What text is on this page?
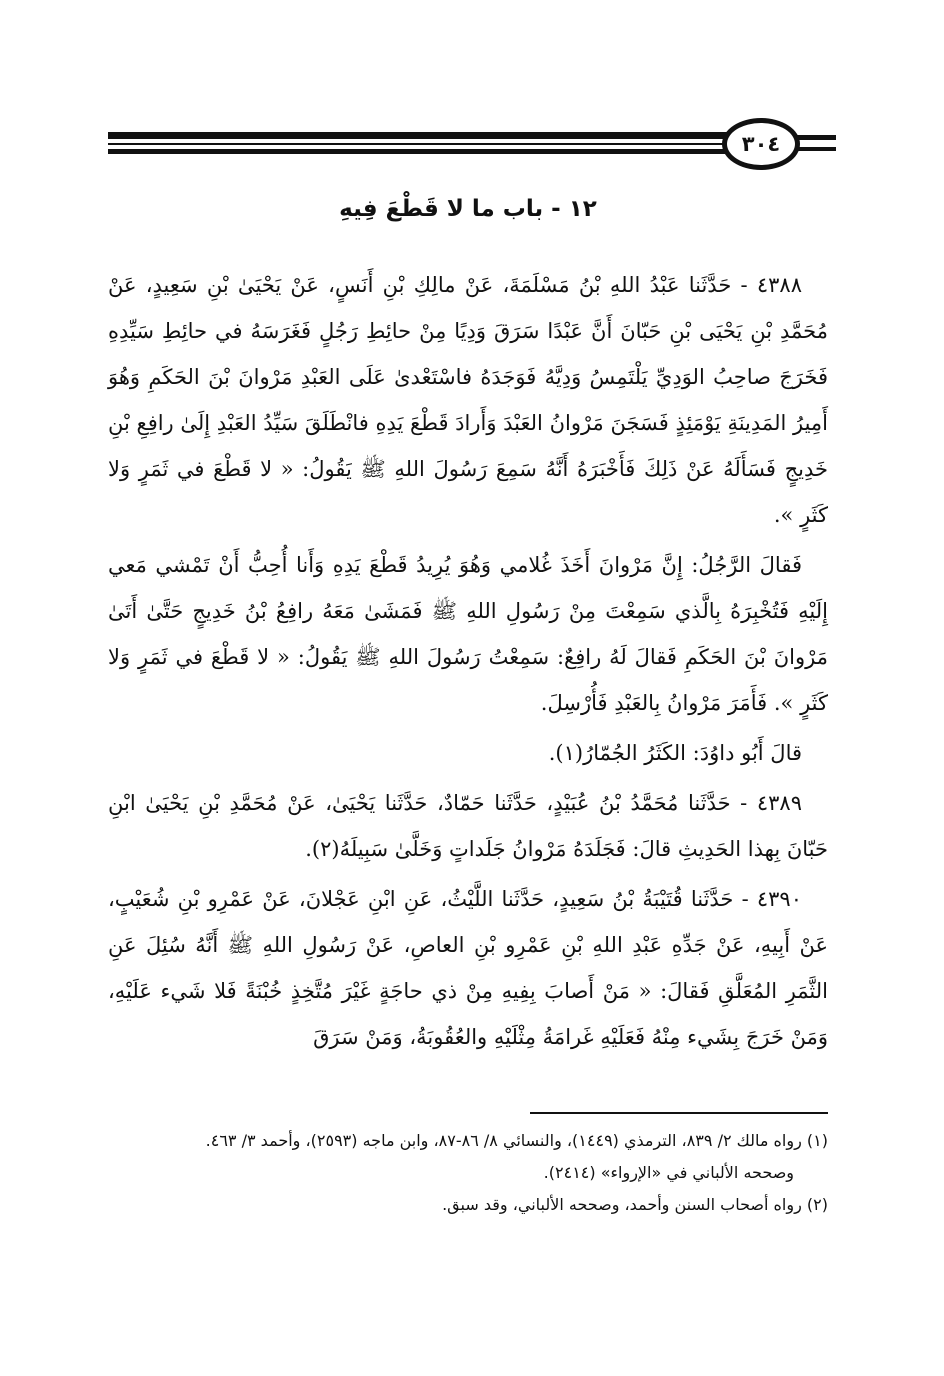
٣٠٤
١٢ - باب ما لا قَطْعَ فِيهِ

٤٣٨٨ - حَدَّثَنا عَبْدُ اللهِ بْنُ مَسْلَمَةَ، عَنْ مالِكِ بْنِ أَنَسٍ، عَنْ يَحْيَىٰ بْنِ سَعِيدٍ، عَنْ مُحَمَّدِ بْنِ يَحْيَى بْنِ حَبّانَ أَنَّ عَبْدًا سَرَقَ وَدِيًا مِنْ حائِطِ رَجُلٍ فَغَرَسَهُ في حائِطِ سَيِّدِهِ فَخَرَجَ صاحِبُ الوَدِيِّ يَلْتَمِسُ وَدِيَّهُ فَوَجَدَهُ فاسْتَعْدىٰ عَلَى العَبْدِ مَرْوانَ بْنَ الحَكَمِ وَهُوَ أَمِيرُ المَدِينَةِ يَوْمَئِذٍ فَسَجَنَ مَرْوانُ العَبْدَ وَأَرادَ قَطْعَ يَدِهِ فانْطَلَقَ سَيِّدُ العَبْدِ إِلَىٰ رافِعِ بْنِ خَدِيجٍ فَسَأَلَهُ عَنْ ذَلِكَ فَأَخْبَرَهُ أَنَّهُ سَمِعَ رَسُولَ اللهِ ﷺ يَقُولُ: « لا قَطْعَ في ثَمَرٍ وَلا كَثَرٍ ».

فَقالَ الرَّجُلُ: إِنَّ مَرْوانَ أَخَذَ غُلامي وَهُوَ يُرِيدُ قَطْعَ يَدِهِ وَأَنا أُحِبُّ أَنْ تَمْشي مَعي إِلَيْهِ فَتُخْبِرَهُ بِالَّذي سَمِعْتَ مِنْ رَسُولِ اللهِ ﷺ فَمَشَىٰ مَعَهُ رافِعُ بْنُ خَدِيجٍ حَتَّىٰ أَتَىٰ مَرْوانَ بْنَ الحَكَمِ فَقالَ لَهُ رافِعٌ: سَمِعْتُ رَسُولَ اللهِ ﷺ يَقُولُ: « لا قَطْعَ في ثَمَرٍ وَلا كَثَرٍ ». فَأَمَرَ مَرْوانُ بِالعَبْدِ فَأُرْسِلَ.

قالَ أَبُو داوُدَ: الكَثَرُ الجُمّارُ(١).

٤٣٨٩ - حَدَّثَنا مُحَمَّدُ بْنُ عُبَيْدٍ، حَدَّثَنا حَمّادٌ، حَدَّثَنا يَحْيَىٰ، عَنْ مُحَمَّدِ بْنِ يَحْيَىٰ ابْنِ حَبّانَ بِهذا الحَدِيثِ قالَ: فَجَلَدَهُ مَرْوانُ جَلَداتٍ وَخَلَّىٰ سَبِيلَهُ(٢).

٤٣٩٠ - حَدَّثَنا قُتَيْبَةُ بْنُ سَعِيدٍ، حَدَّثَنا اللَّيْثُ، عَنِ ابْنِ عَجْلانَ، عَنْ عَمْرِو بْنِ شُعَيْبٍ، عَنْ أَبِيهِ، عَنْ جَدِّهِ عَبْدِ اللهِ بْنِ عَمْرِو بْنِ العاصِ، عَنْ رَسُولِ اللهِ ﷺ أَنَّهُ سُئِلَ عَنِ الثَّمَرِ المُعَلَّقِ فَقالَ: « مَنْ أَصابَ بِفِيهِ مِنْ ذي حاجَةٍ غَيْرَ مُتَّخِذٍ خُبْنَةً فَلا شَيء عَلَيْهِ، وَمَنْ خَرَجَ بِشَيء مِنْهُ فَعَلَيْهِ غَرامَةُ مِثْلَيْهِ والعُقُوبَةُ، وَمَنْ سَرَقَ

(١) رواه مالك ٢/ ٨٣٩، الترمذي (١٤٤٩)، والنسائي ٨/ ٨٦-٨٧، وابن ماجه (٢٥٩٣)، وأحمد ٣/ ٤٦٣.

وصححه الألباني في «الإرواء» (٢٤١٤).

(٢) رواه أصحاب السنن وأحمد، وصححه الألباني، وقد سبق.
